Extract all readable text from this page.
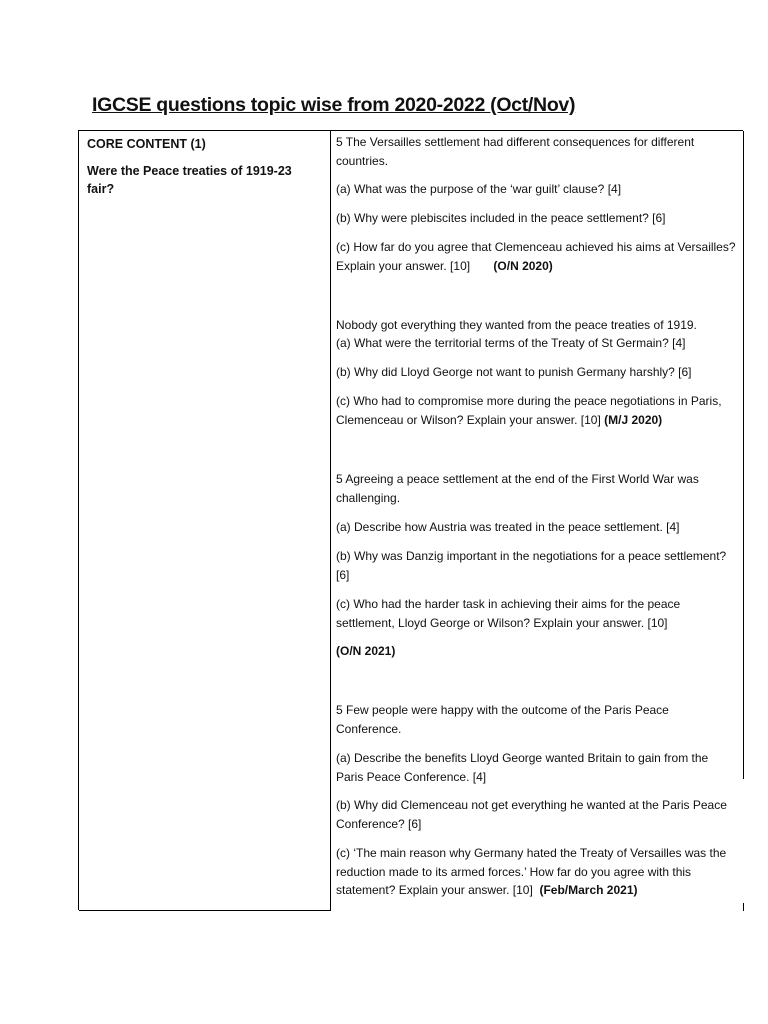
IGCSE questions topic wise from 2020-2022 (Oct/Nov)

CORE CONTENT (1)

Were the Peace treaties of 1919-23 fair?

5 The Versailles settlement had different consequences for different countries.
(a) What was the purpose of the ‘war guilt’ clause? [4]
(b) Why were plebiscites included in the peace settlement? [6]
(c) How far do you agree that Clemenceau achieved his aims at Versailles? Explain your answer. [10] (O/N 2020)
Nobody got everything they wanted from the peace treaties of 1919.
(a) What were the territorial terms of the Treaty of St Germain? [4]
(b) Why did Lloyd George not want to punish Germany harshly? [6]
(c) Who had to compromise more during the peace negotiations in Paris, Clemenceau or Wilson? Explain your answer. [10] (M/J 2020)
5 Agreeing a peace settlement at the end of the First World War was challenging.
(a) Describe how Austria was treated in the peace settlement. [4]
(b) Why was Danzig important in the negotiations for a peace settlement? [6]
(c) Who had the harder task in achieving their aims for the peace settlement, Lloyd George or Wilson? Explain your answer. [10]
(O/N 2021)
5 Few people were happy with the outcome of the Paris Peace Conference.
(a) Describe the benefits Lloyd George wanted Britain to gain from the Paris Peace Conference. [4]
(b) Why did Clemenceau not get everything he wanted at the Paris Peace Conference? [6]
(c) ‘The main reason why Germany hated the Treaty of Versailles was the reduction made to its armed forces.’ How far do you agree with this statement? Explain your answer. [10] (Feb/March 2021)
